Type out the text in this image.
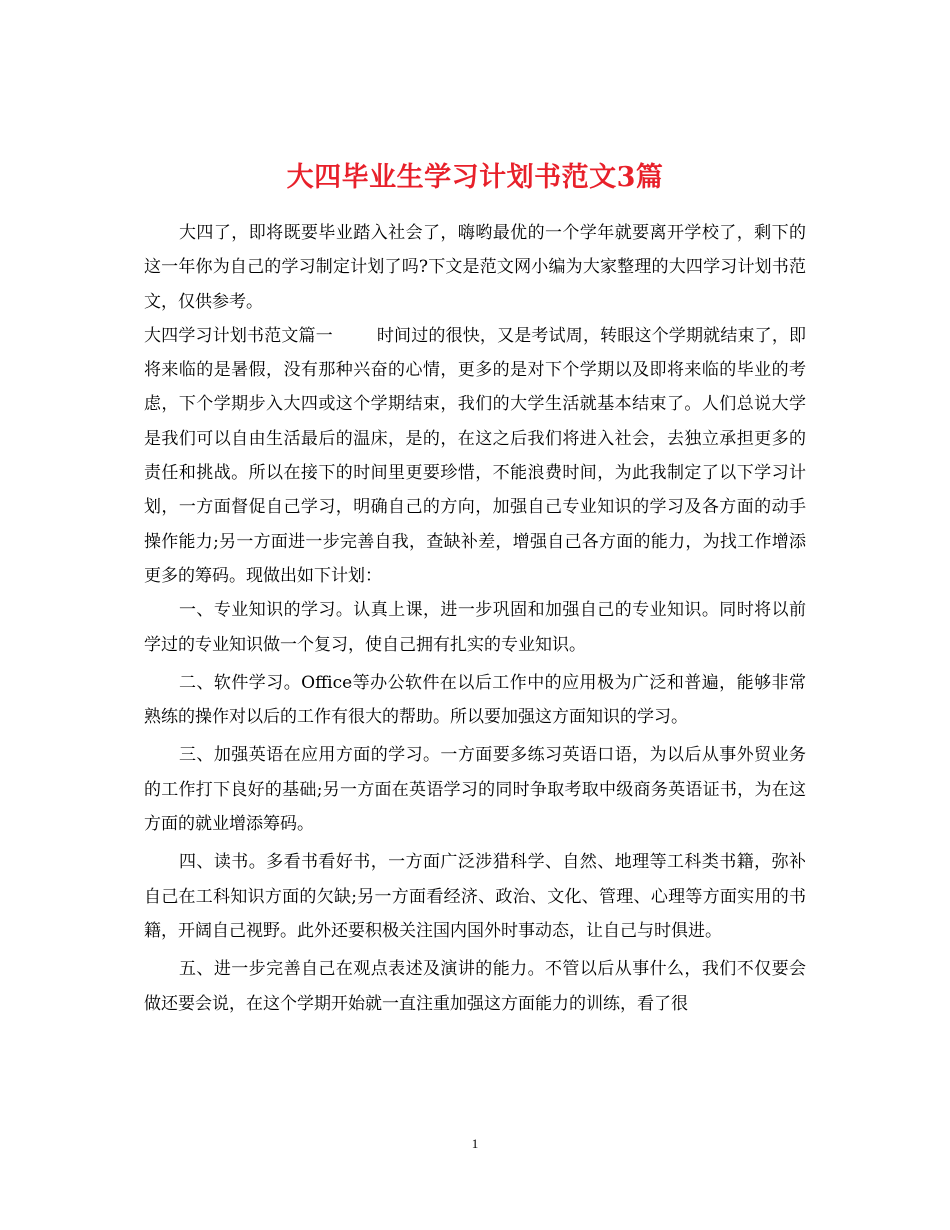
大四毕业生学习计划书范文3篇

大四了，即将既要毕业踏入社会了，嗨哟最优的一个学年就要离开学校了，剩下的这一年你为自己的学习制定计划了吗?下文是范文网小编为大家整理的大四学习计划书范文，仅供参考。

大四学习计划书范文篇一	时间过的很快，又是考试周，转眼这个学期就结束了，即将来临的是暑假，没有那种兴奋的心情，更多的是对下个学期以及即将来临的毕业的考虑，下个学期步入大四或这个学期结束，我们的大学生活就基本结束了。人们总说大学是我们可以自由生活最后的温床，是的，在这之后我们将进入社会，去独立承担更多的责任和挑战。所以在接下的时间里更要珍惜，不能浪费时间，为此我制定了以下学习计划，一方面督促自己学习，明确自己的方向，加强自己专业知识的学习及各方面的动手操作能力;另一方面进一步完善自我，查缺补差，增强自己各方面的能力，为找工作增添更多的筹码。现做出如下计划：

一、专业知识的学习。认真上课，进一步巩固和加强自己的专业知识。同时将以前学过的专业知识做一个复习，使自己拥有扎实的专业知识。

二、软件学习。Office等办公软件在以后工作中的应用极为广泛和普遍，能够非常熟练的操作对以后的工作有很大的帮助。所以要加强这方面知识的学习。

三、加强英语在应用方面的学习。一方面要多练习英语口语，为以后从事外贸业务的工作打下良好的基础;另一方面在英语学习的同时争取考取中级商务英语证书，为在这方面的就业增添筹码。

四、读书。多看书看好书，一方面广泛涉猎科学、自然、地理等工科类书籍，弥补自己在工科知识方面的欠缺;另一方面看经济、政治、文化、管理、心理等方面实用的书籍，开阔自己视野。此外还要积极关注国内国外时事动态，让自己与时俱进。

五、进一步完善自己在观点表述及演讲的能力。不管以后从事什么，我们不仅要会做还要会说，在这个学期开始就一直注重加强这方面能力的训练，看了很

1
